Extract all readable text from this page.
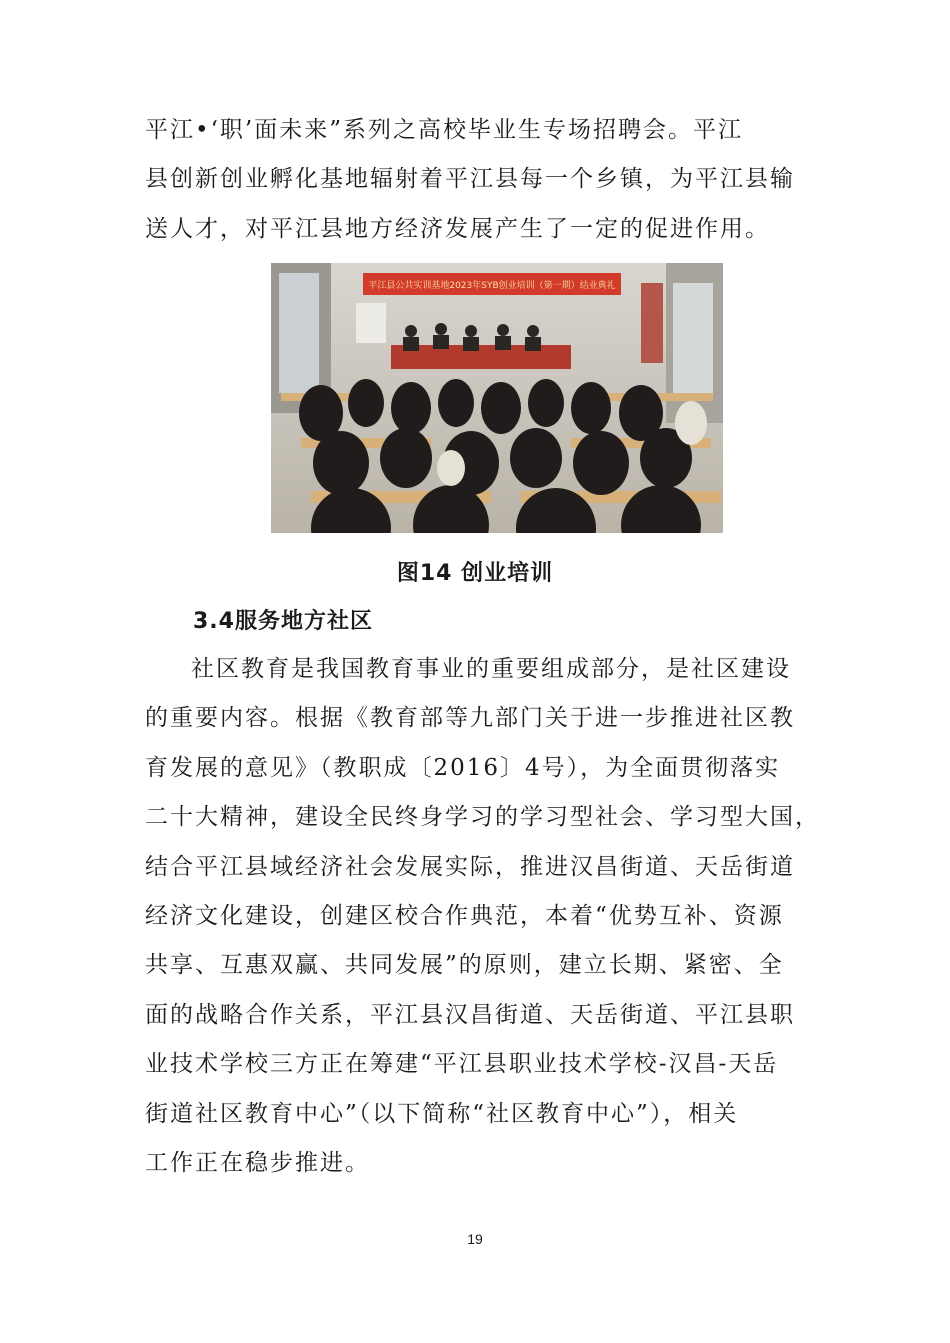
平江•‘职’面未来”系列之高校毕业生专场招聘会。平江
县创新创业孵化基地辐射着平江县每一个乡镇，为平江县输
送人才，对平江县地方经济发展产生了一定的促进作用。
平江县公共实训基地2023年SYB创业培训（第一期）结业典礼
图14 创业培训
3.4服务地方社区
社区教育是我国教育事业的重要组成部分，是社区建设
的重要内容。根据《教育部等九部门关于进一步推进社区教
育发展的意见》（教职成〔2016〕4号），为全面贯彻落实
二十大精神，建设全民终身学习的学习型社会、学习型大国，
结合平江县域经济社会发展实际，推进汉昌街道、天岳街道
经济文化建设，创建区校合作典范，本着“优势互补、资源
共享、互惠双赢、共同发展”的原则，建立长期、紧密、全
面的战略合作关系，平江县汉昌街道、天岳街道、平江县职
业技术学校三方正在筹建“平江县职业技术学校-汉昌-天岳
街道社区教育中心”（以下简称“社区教育中心”），相关
工作正在稳步推进。
19
